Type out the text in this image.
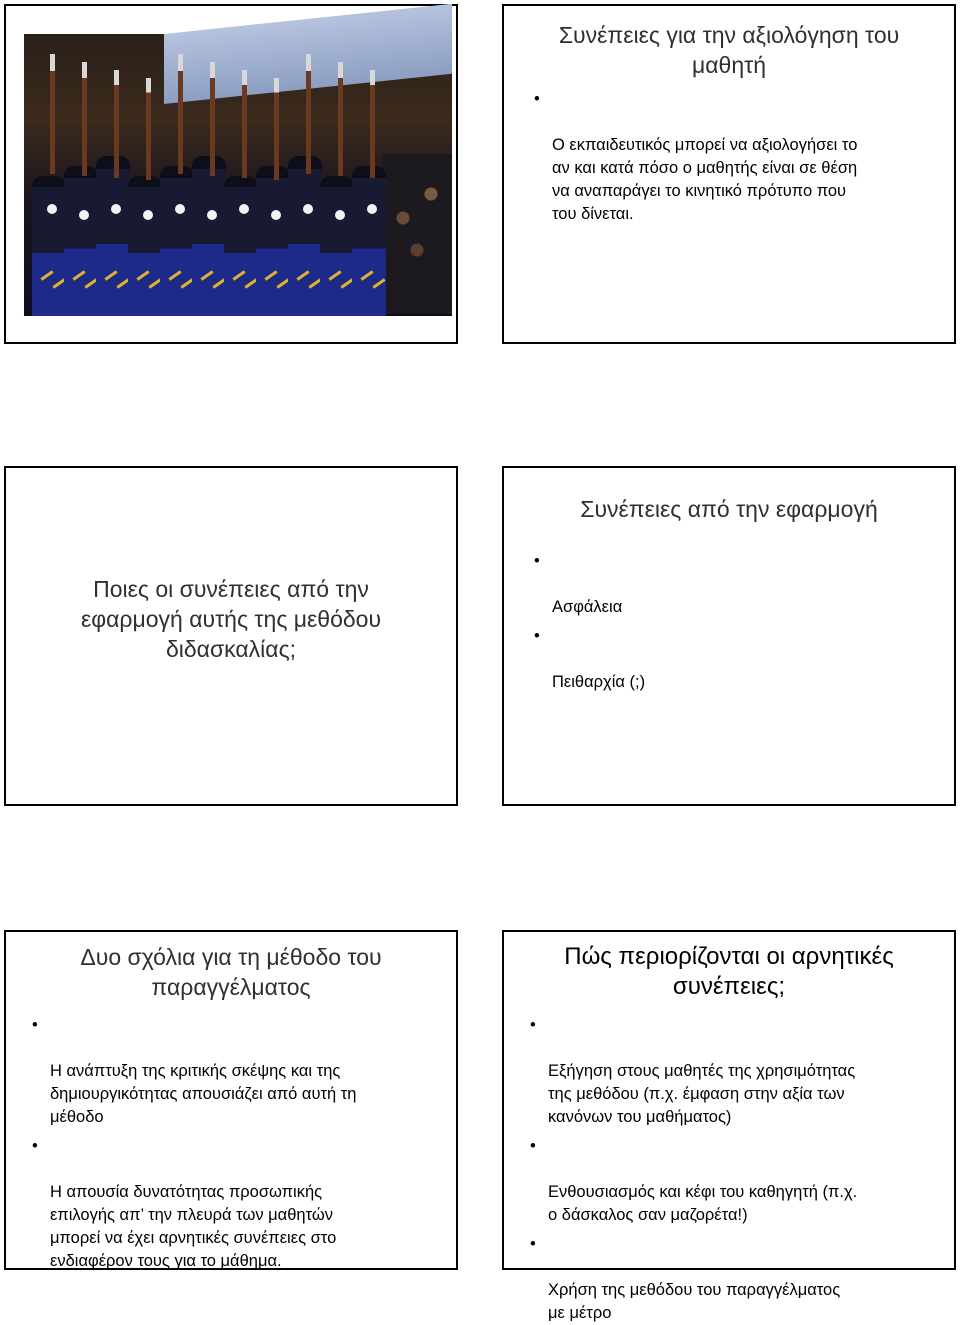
Συνέπειες για την αξιολόγηση του
μαθητή

•

Ο εκπαιδευτικός μπορεί να αξιολογήσει το
αν και κατά πόσο ο μαθητής είναι σε θέση
να αναπαράγει το κινητικό πρότυπο που
του δίνεται.

Ποιες οι συνέπειες από την
εφαρμογή αυτής της μεθόδου
διδασκαλίας;
Συνέπειες από την εφαρμογή

•

Ασφάλεια

•

Πειθαρχία (;)

Δυο σχόλια για τη μέθοδο του
παραγγέλματος

•

Η ανάπτυξη της κριτικής σκέψης και της
δημιουργικότητας απουσιάζει από αυτή τη
μέθοδο

•

Η απουσία δυνατότητας προσωπικής
επιλογής απ’ την πλευρά των μαθητών
μπορεί να έχει αρνητικές συνέπειες στο
ενδιαφέρον τους για το μάθημα.

Πώς περιορίζονται οι αρνητικές
συνέπειες;

•

Εξήγηση στους μαθητές της χρησιμότητας
της μεθόδου (π.χ. έμφαση στην αξία των
κανόνων του μαθήματος)

•

Ενθουσιασμός και κέφι του καθηγητή (π.χ.
ο δάσκαλος σαν μαζορέτα!)

•

Χρήση της μεθόδου του παραγγέλματος
με μέτρο
